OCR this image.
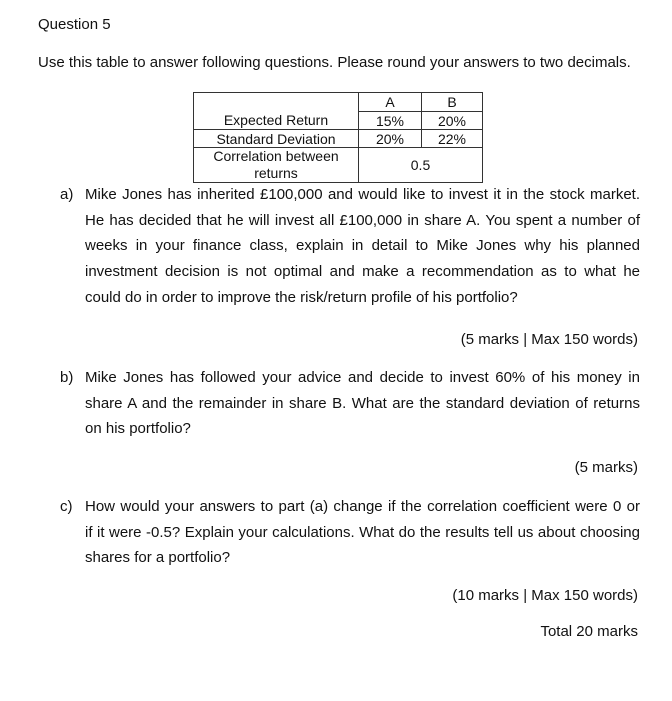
Question 5
Use this table to answer following questions. Please round your answers to two decimals.
	A	B
Expected Return	15%	20%
Standard Deviation	20%	22%
Correlation between
returns	0.5	
a) Mike Jones has inherited £100,000 and would like to invest it in the stock market.
He has decided that he will invest all £100,000 in share A. You spent a number of
weeks in your finance class, explain in detail to Mike Jones why his planned
investment decision is not optimal and make a recommendation as to what he
could do in order to improve the risk/return profile of his portfolio?
(5 marks | Max 150 words)
b) Mike Jones has followed your advice and decide to invest 60% of his money in
share A and the remainder in share B. What are the standard deviation of returns
on his portfolio?
(5 marks)
c) How would your answers to part (a) change if the correlation coefficient were 0 or
if it were -0.5? Explain your calculations. What do the results tell us about choosing
shares for a portfolio?
(10 marks | Max 150 words)
Total 20 marks
